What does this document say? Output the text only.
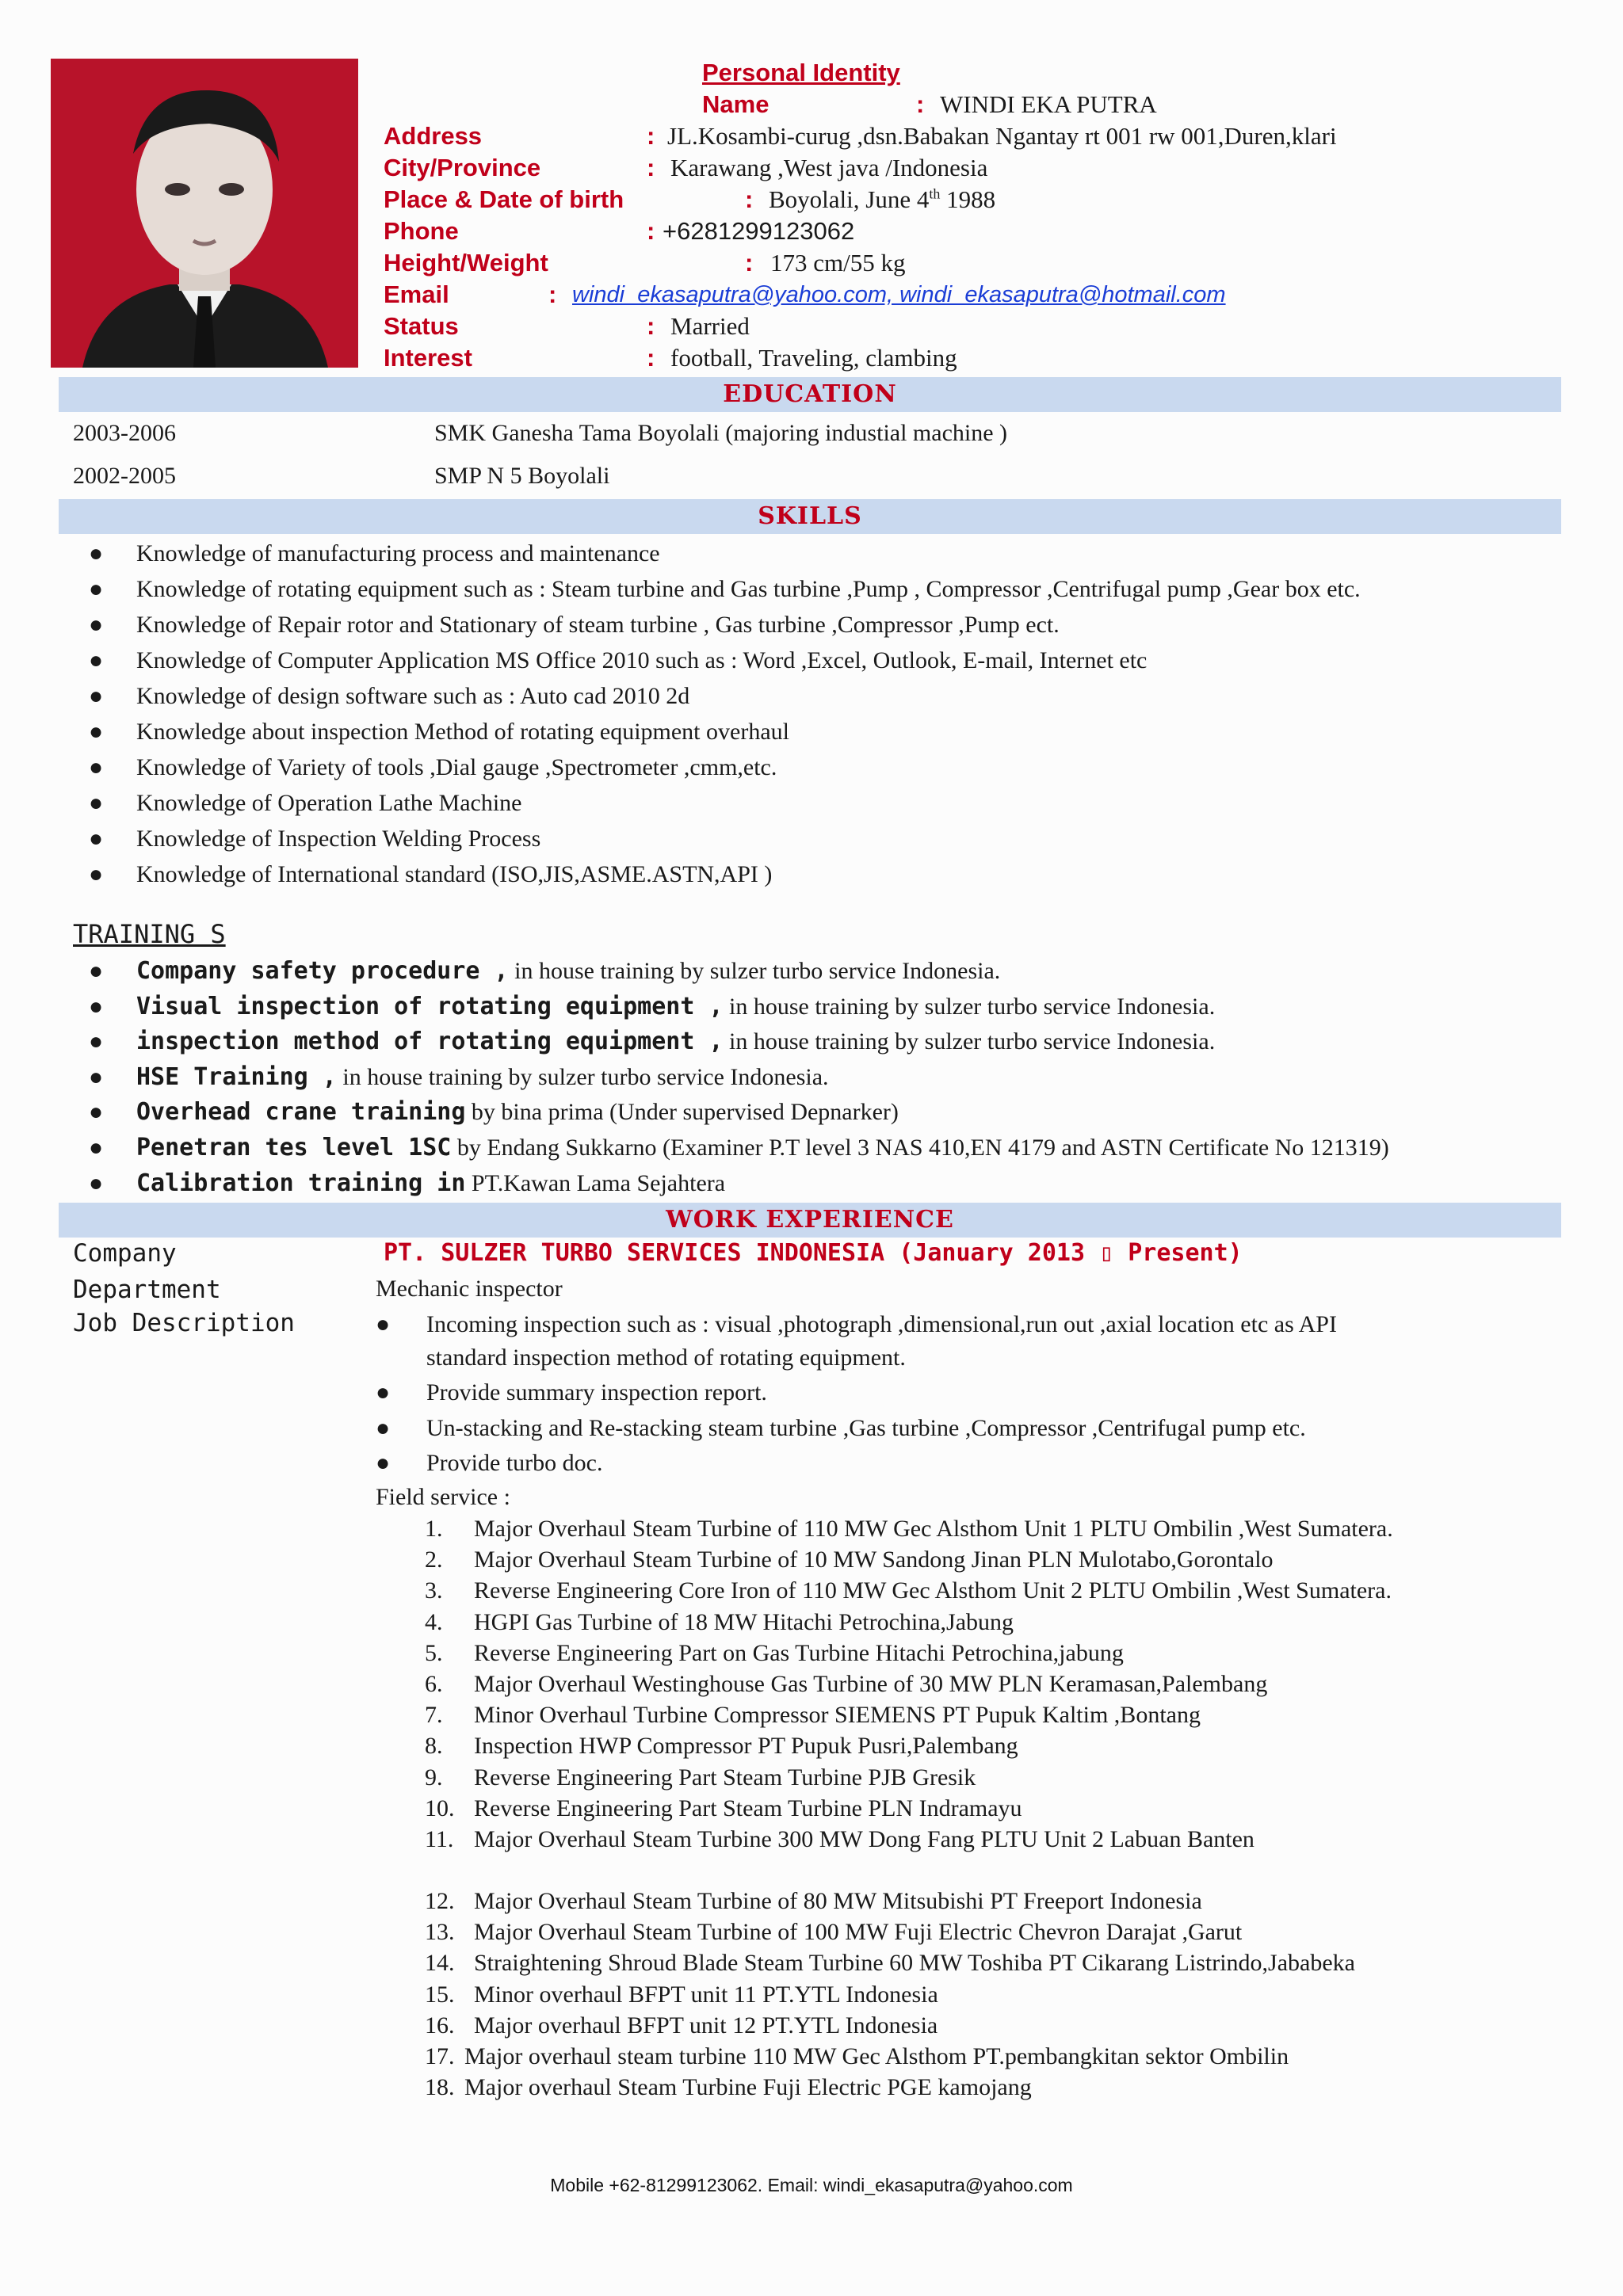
Personal Identity
Name	: WINDI EKA PUTRA
Address	: JL.Kosambi-curug ,dsn.Babakan Ngantay rt 001 rw 001,Duren,klari
City/Province	: Karawang ,West java /Indonesia
Place & Date of birth	: Boyolali, June 4th 1988
Phone	: +6281299123062
Height/Weight	: 173 cm/55 kg
Email	: windi_ekasaputra@yahoo.com, windi_ekasaputra@hotmail.com
Status	: Married
Interest	: football, Traveling, clambing
EDUCATION
2003-2006	SMK Ganesha Tama Boyolali (majoring industial machine )
2002-2005	SMP N 5 Boyolali
SKILLS
● Knowledge of manufacturing process and maintenance
● Knowledge of rotating equipment such as : Steam turbine and Gas turbine ,Pump , Compressor ,Centrifugal pump ,Gear box etc.
● Knowledge of Repair rotor and Stationary of steam turbine , Gas turbine ,Compressor ,Pump ect.
● Knowledge of Computer Application MS Office 2010 such as : Word ,Excel, Outlook, E-mail, Internet etc
● Knowledge of design software such as : Auto cad 2010 2d
● Knowledge about inspection Method of rotating equipment overhaul
● Knowledge of Variety of tools ,Dial gauge ,Spectrometer ,cmm,etc.
● Knowledge of Operation Lathe Machine
● Knowledge of Inspection Welding Process
● Knowledge of International standard (ISO,JIS,ASME.ASTN,API )
TRAINING S
● Company safety procedure , in house training by sulzer turbo service Indonesia.
● Visual inspection of rotating equipment , in house training by sulzer turbo service Indonesia.
● inspection method of rotating equipment , in house training by sulzer turbo service Indonesia.
● HSE Training , in house training by sulzer turbo service Indonesia.
● Overhead crane training by bina prima (Under supervised Depnarker)
● Penetran tes level 1SC by Endang Sukkarno (Examiner P.T level 3 NAS 410,EN 4179 and ASTN Certificate No 121319)
● Calibration training in PT.Kawan Lama Sejahtera
WORK EXPERIENCE
Company	PT. SULZER TURBO SERVICES INDONESIA (January 2013 ▯ Present)
Department	Mechanic inspector
Job Description	● Incoming inspection such as : visual ,photograph ,dimensional,run out ,axial location etc as API
standard inspection method of rotating equipment.
● Provide summary inspection report.
● Un-stacking and Re-stacking steam turbine ,Gas turbine ,Compressor ,Centrifugal pump etc.
● Provide turbo doc.
Field service :
1. Major Overhaul Steam Turbine of 110 MW Gec Alsthom Unit 1 PLTU Ombilin ,West Sumatera.
2. Major Overhaul Steam Turbine of 10 MW Sandong Jinan PLN Mulotabo,Gorontalo
3. Reverse Engineering Core Iron of 110 MW Gec Alsthom Unit 2 PLTU Ombilin ,West Sumatera.
4. HGPI Gas Turbine of 18 MW Hitachi Petrochina,Jabung
5. Reverse Engineering Part on Gas Turbine Hitachi Petrochina,jabung
6. Major Overhaul Westinghouse Gas Turbine of 30 MW PLN Keramasan,Palembang
7. Minor Overhaul Turbine Compressor SIEMENS PT Pupuk Kaltim ,Bontang
8. Inspection HWP Compressor PT Pupuk Pusri,Palembang
9. Reverse Engineering Part Steam Turbine PJB Gresik
10. Reverse Engineering Part Steam Turbine PLN Indramayu
11. Major Overhaul Steam Turbine 300 MW Dong Fang PLTU Unit 2 Labuan Banten
12. Major Overhaul Steam Turbine of 80 MW Mitsubishi PT Freeport Indonesia
13. Major Overhaul Steam Turbine of 100 MW Fuji Electric Chevron Darajat ,Garut
14. Straightening Shroud Blade Steam Turbine 60 MW Toshiba PT Cikarang Listrindo,Jababeka
15. Minor overhaul BFPT unit 11 PT.YTL Indonesia
16. Major overhaul BFPT unit 12 PT.YTL Indonesia
17. Major overhaul steam turbine 110 MW Gec Alsthom PT.pembangkitan sektor Ombilin
18. Major overhaul Steam Turbine Fuji Electric PGE kamojang
Mobile +62-81299123062. Email: windi_ekasaputra@yahoo.com
